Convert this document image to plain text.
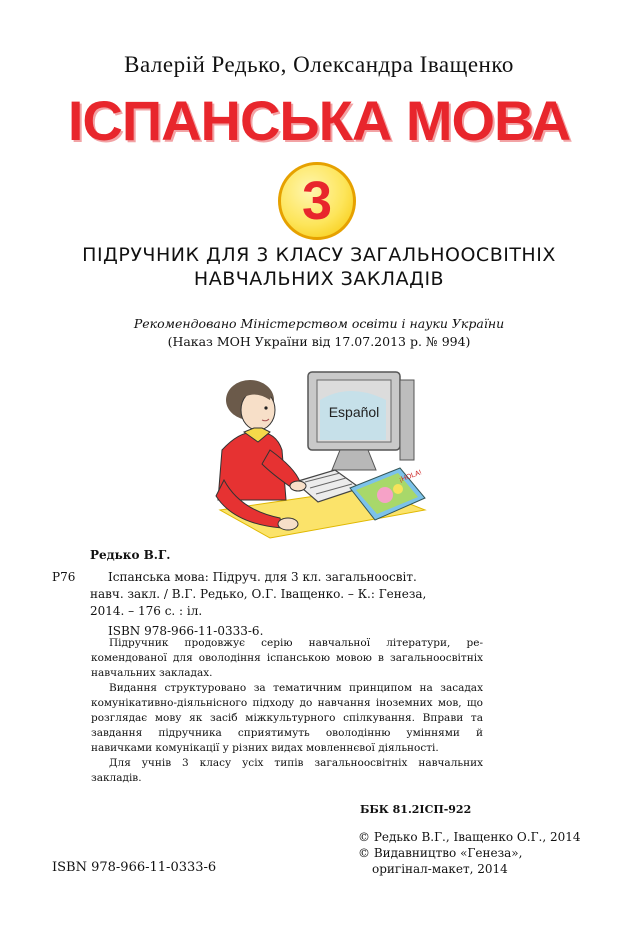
Валерій Редько, Олександра Іващенко
ІСПАНСЬКА МОВА
3
ПІДРУЧНИК ДЛЯ 3 КЛАСУ ЗАГАЛЬНООСВІТНІХ
НАВЧАЛЬНИХ ЗАКЛАДІВ
Рекомендовано Міністерством освіти і науки України
(Наказ МОН України від 17.07.2013 р. № 994)
Español
¡HOLA!
Редько В.Г.
Р76	Іспанська мова: Підруч. для 3 кл. загальноосвіт.
навч. закл. / В.Г. Редько, О.Г. Іващенко. – К.: Генеза,
2014. – 176 с. : іл.
ISBN 978-966-11-0333-6.

Підручник продовжує серію навчальної літератури, рекомендованої для оволодіння іспанською мовою в загальноосвітніх навчальних закладах.

Видання структуровано за тематичним принципом на засадах комунікативно-діяльнісного підходу до навчання іноземних мов, що розглядає мову як засіб міжкультурного спілкування. Вправи та завдання підручника сприятимуть оволодінню уміннями й навичками комунікації у різних видах мовленнєвої діяльності.

Для учнів 3 класу усіх типів загальноосвітніх навчальних закладів.

ББК 81.2ІСП-922
© Редько В.Г., Іващенко О.Г., 2014
© Видавництво «Генеза»,
оригінал-макет, 2014
ISBN 978-966-11-0333-6
